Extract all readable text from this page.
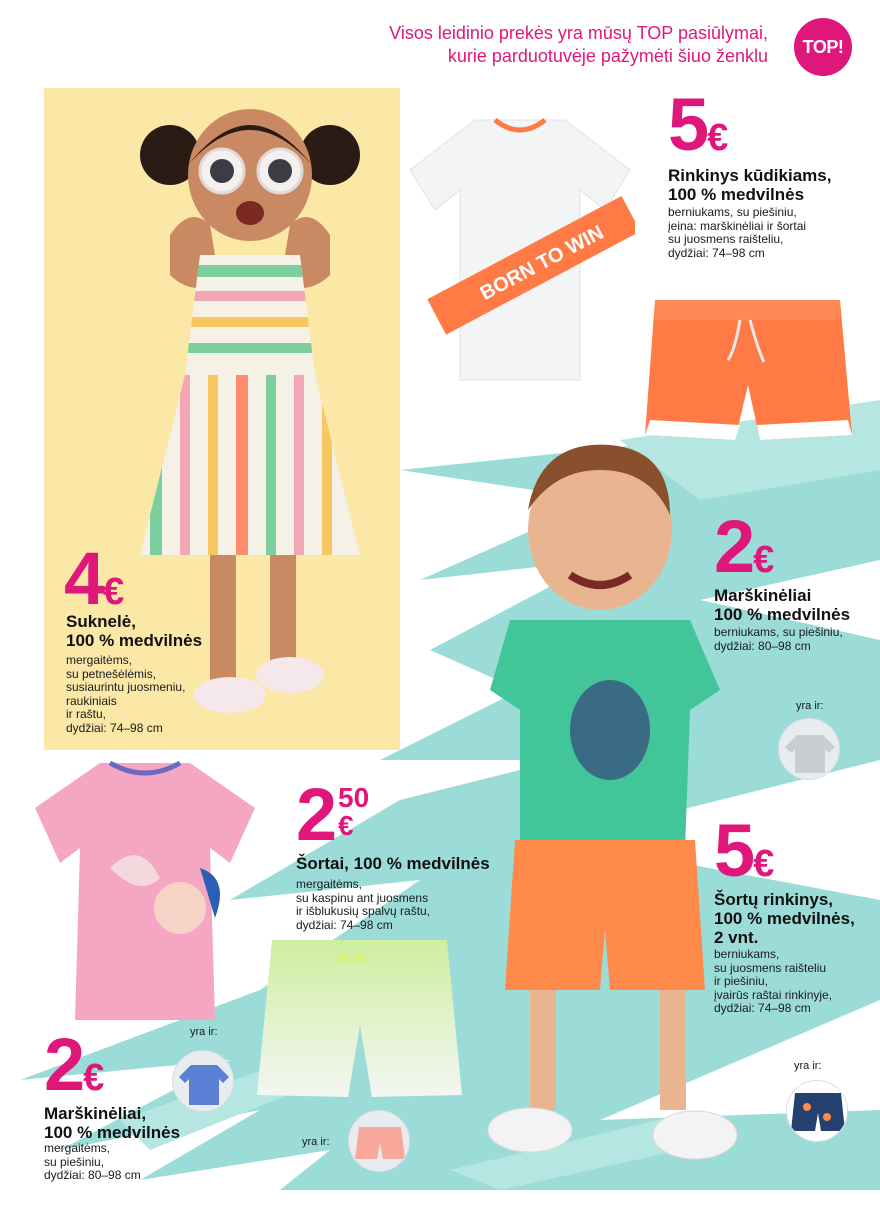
Visos leidinio prekės yra mūsų TOP pasiūlymai,
kurie parduotuvėje pažymėti šiuo ženklu	TOP!
4€
Suknelė,
100 % medvilnės
mergaitėms,
su petnešėlėmis,
susiaurintu juosmeniu,
raukiniais
ir raštu,
dydžiai: 74–98 cm
BORN TO WIN
5€
Rinkinys kūdikiams,
100 % medvilnės
berniukams, su piešiniu,
įeina: marškinėliai ir šortai
su juosmens raišteliu,
dydžiai: 74–98 cm
2€
Marškinėliai
100 % medvilnės
berniukams, su piešiniu,
dydžiai: 80–98 cm
yra ir:
2 50
€
Šortai, 100 % medvilnės
mergaitėms,
su kaspinu ant juosmens
ir išblukusių spalvų raštu,
dydžiai: 74–98 cm
yra ir:
5€
Šortų rinkinys,
100 % medvilnės,
2 vnt.
berniukams,
su juosmens raišteliu
ir piešiniu,
įvairūs raštai rinkinyje,
dydžiai: 74–98 cm
yra ir:
2€
Marškinėliai,
100 % medvilnės
mergaitėms,
su piešiniu,
dydžiai: 80–98 cm
yra ir:
